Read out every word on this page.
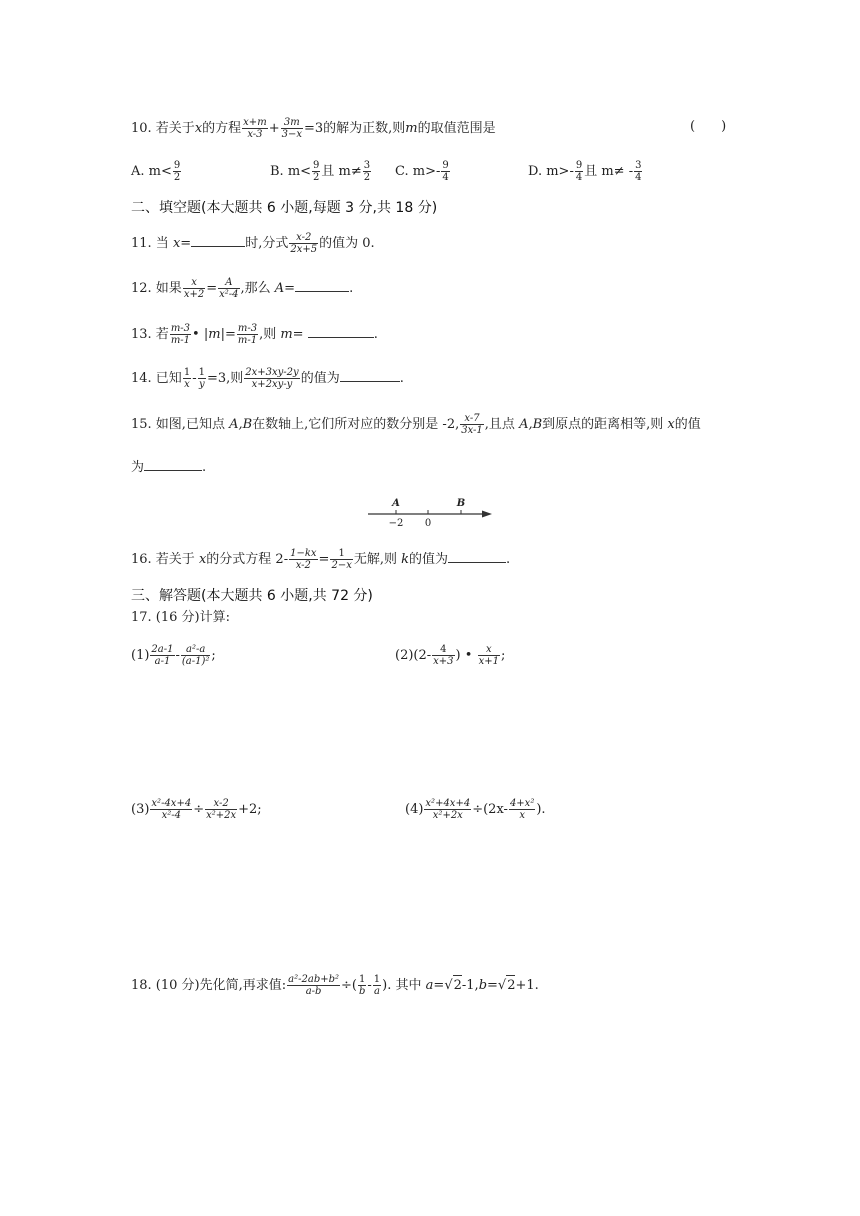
10. 若关于x的方程 $\frac{x+m}{x-3} + \frac{3m}{3-x} =3$的解为正数,则m的取值范围是	(　　)
A. $m< \frac{9}{2}$	B. $m< \frac{9}{2}$ 且 $m\ne \frac{3}{2} C$. $m>- \frac{9}{4}$	D. $m>- \frac{9}{4}$ 且 $m\ne - \frac{3}{4}$
二、填空题(本大题共 6 小题,每题 3 分,共 18 分)
11. 当 x=	时,分式 $\frac{x-2}{2x+5}$ 的值为 0.
12. 如果 $\frac{x}{x+2} = \frac{A}{\text{x²-4}}$ ,那么 A=	.
13. 若 $\frac{m-3}{m-1}$ • $|m|= \frac{m-3}{m-1}$ ,则 m=	.
14. 已知 $\frac{1}{x} - \frac{1}{y} =3$,则 $\frac{2x+3xy-2y}{x+2xy-y}$ 的值为	.
15. 如图,已知点 A,B在数轴上,它们所对应的数分别是 -2, $\frac{x-7}{3x-1}$ ,且点 A,B到原点的距离相等,则 x的值
为	.
A	B
−2 0
16. 若关于 x的分式方程 $2- \frac{1-kx}{x-2} = \frac{1}{2-x}$ 无解,则 k的值为	.
三、解答题(本大题共 6 小题,共 72 分)
17. (16 分)计算:
$(1) \frac{2a-1}{a-1} - \frac{\text{a²-a}}{\text{(a-1)²}}$ ;	$(2)(2- \frac{4}{x+3}$ ) • $\frac{x}{x+1}$ ;
$(3) \frac{\text{x²-4x+4}}{\text{x²-4}} \div \frac{x-2}{\text{x²+2x}} +2$;	$(4) \frac{\text{x²+4x+4}}{\text{x²+2x}} \div(2x- \frac{\text{4+x²}}{x}$ ).
18. (10 分)先化简,再求值: $\frac{\text{a²-2ab+b²}}{a-b}$ ÷( $\frac{1}{b} - \frac{1}{a}$ ). 其中 a=√2-1,b=√2+1.
